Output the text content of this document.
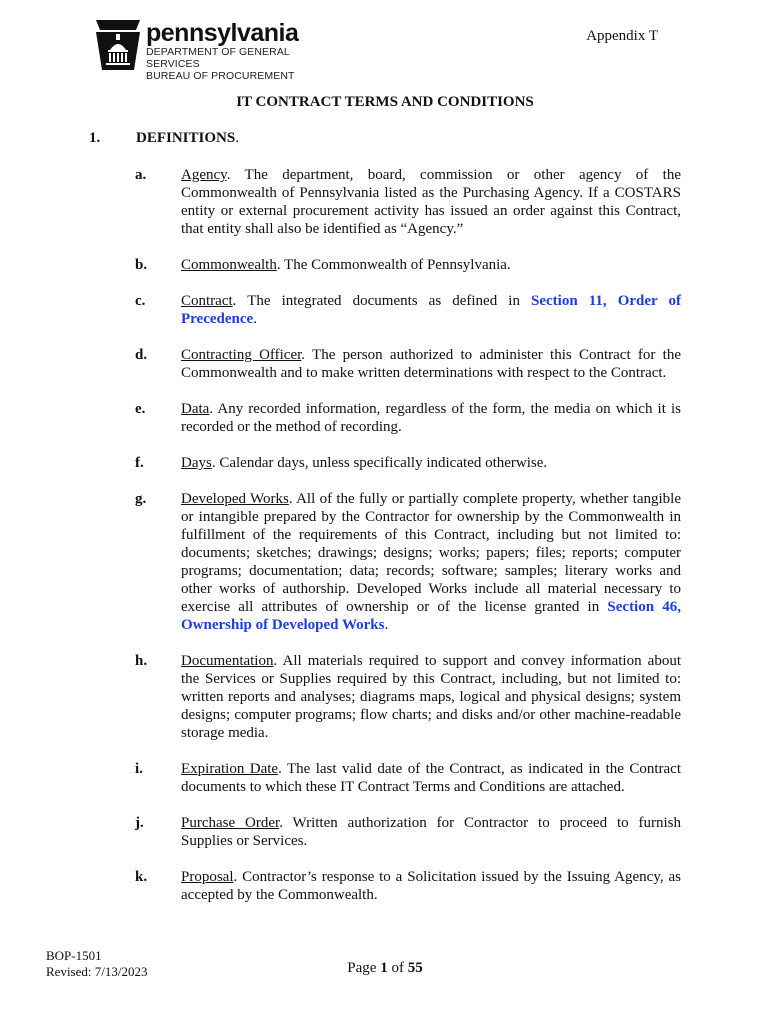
pennsylvania
DEPARTMENT OF GENERAL SERVICES
BUREAU OF PROCUREMENT
Appendix T
IT CONTRACT TERMS AND CONDITIONS
1. DEFINITIONS.
a.	Agency. The department, board, commission or other agency of the Commonwealth of Pennsylvania listed as the Purchasing Agency. If a COSTARS entity or external procurement activity has issued an order against this Contract, that entity shall also be identified as “Agency.”
b.	Commonwealth. The Commonwealth of Pennsylvania.
c.	Contract. The integrated documents as defined in Section 11, Order of Precedence.
d.	Contracting Officer. The person authorized to administer this Contract for the Commonwealth and to make written determinations with respect to the Contract.
e.	Data. Any recorded information, regardless of the form, the media on which it is recorded or the method of recording.
f.	Days. Calendar days, unless specifically indicated otherwise.
g.	Developed Works. All of the fully or partially complete property, whether tangible or intangible prepared by the Contractor for ownership by the Commonwealth in fulfillment of the requirements of this Contract, including but not limited to: documents; sketches; drawings; designs; works; papers; files; reports; computer programs; documentation; data; records; software; samples; literary works and other works of authorship. Developed Works include all material necessary to exercise all attributes of ownership or of the license granted in Section 46, Ownership of Developed Works.
h.	Documentation. All materials required to support and convey information about the Services or Supplies required by this Contract, including, but not limited to: written reports and analyses; diagrams maps, logical and physical designs; system designs; computer programs; flow charts; and disks and/or other machine-readable storage media.
i.	Expiration Date. The last valid date of the Contract, as indicated in the Contract documents to which these IT Contract Terms and Conditions are attached.
j.	Purchase Order. Written authorization for Contractor to proceed to furnish Supplies or Services.
k.	Proposal. Contractor’s response to a Solicitation issued by the Issuing Agency, as accepted by the Commonwealth.
BOP-1501
Revised: 7/13/2023	Page 1 of 55
